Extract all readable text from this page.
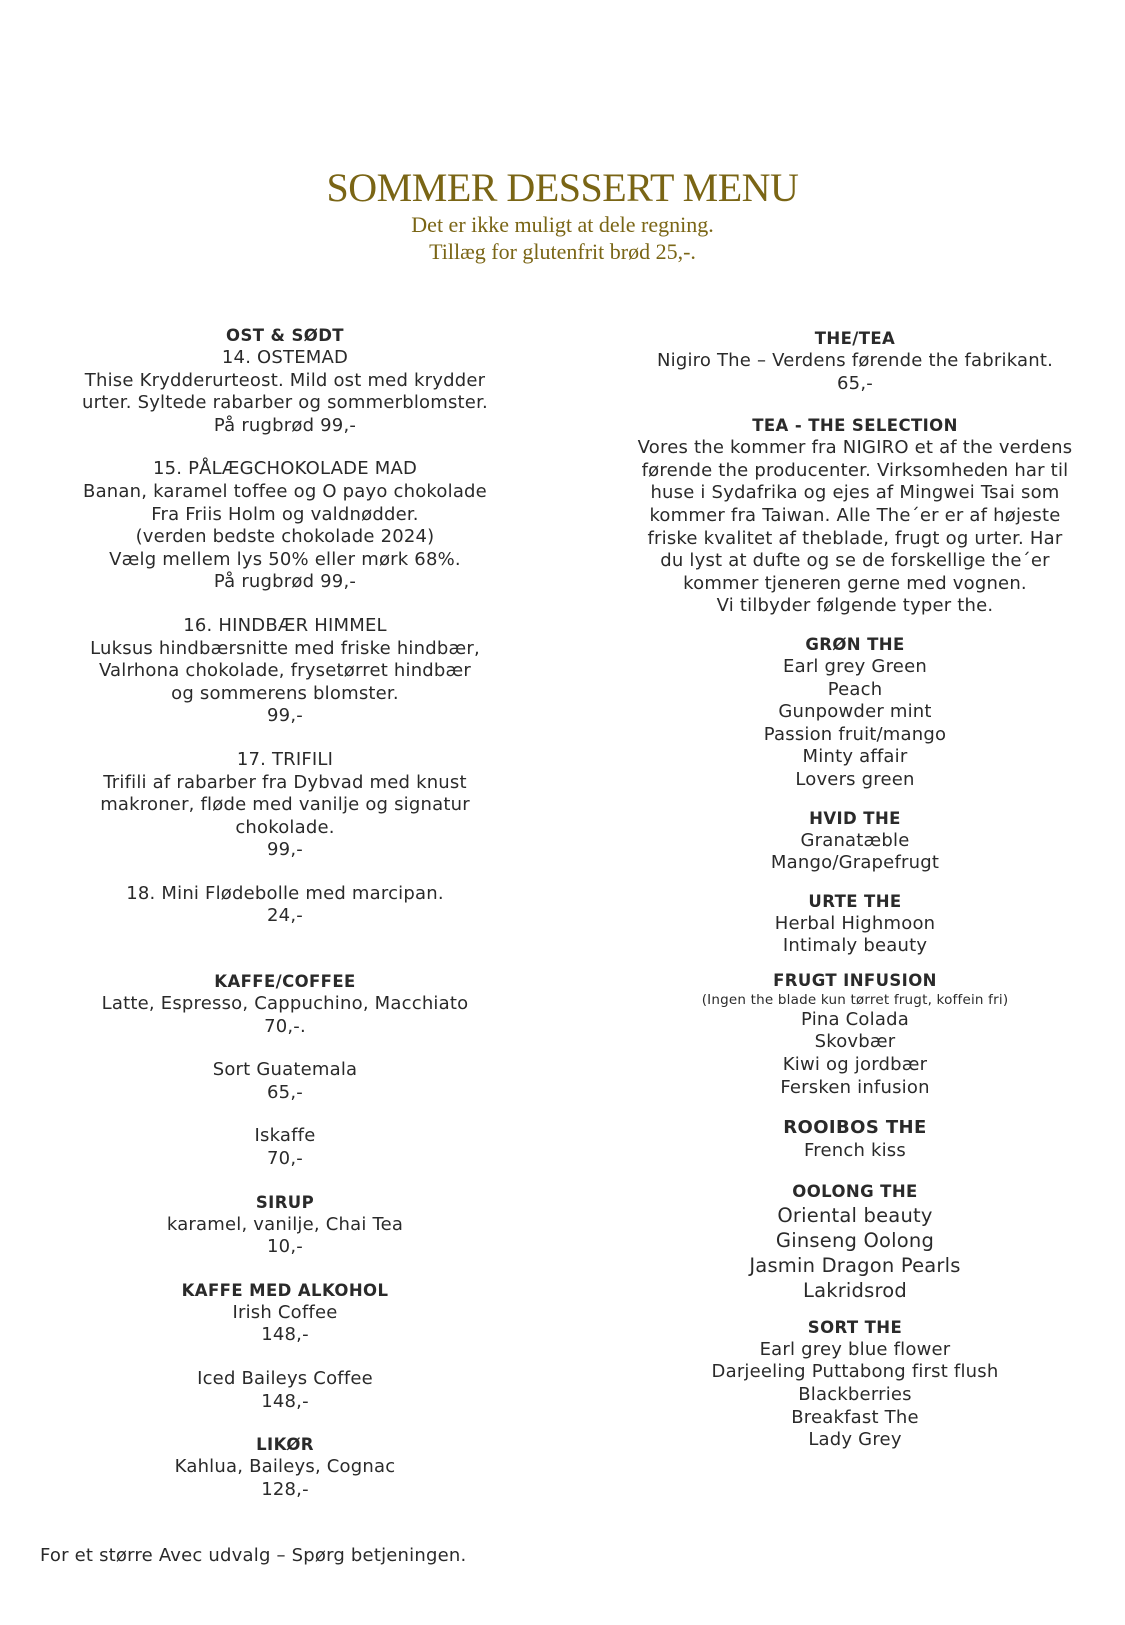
SOMMER DESSERT MENU
Det er ikke muligt at dele regning.
Tillæg for glutenfrit brød 25,-.
OST & SØDT
14. OSTEMAD
Thise Krydderurteost. Mild ost med krydder
urter. Syltede rabarber og sommerblomster.
På rugbrød 99,-
15. PÅLÆGCHOKOLADE MAD
Banan, karamel toffee og O payo chokolade
Fra Friis Holm og valdnødder.
(verden bedste chokolade 2024)
Vælg mellem lys 50% eller mørk 68%.
På rugbrød 99,-
16. HINDBÆR HIMMEL
Luksus hindbærsnitte med friske hindbær,
Valrhona chokolade, frysetørret hindbær
og sommerens blomster.
99,-
17. TRIFILI
Trifili af rabarber fra Dybvad med knust
makroner, fløde med vanilje og signatur
chokolade.
99,-
18. Mini Flødebolle med marcipan.
24,-
KAFFE/COFFEE
Latte, Espresso, Cappuchino, Macchiato
70,-.
Sort Guatemala
65,-
Iskaffe
70,-
SIRUP
karamel, vanilje, Chai Tea
10,-
KAFFE MED ALKOHOL
Irish Coffee
148,-
Iced Baileys Coffee
148,-
LIKØR
Kahlua, Baileys, Cognac
128,-
THE/TEA
Nigiro The – Verdens førende the fabrikant.
65,-
TEA - THE SELECTION
Vores the kommer fra NIGIRO et af the verdens
førende the producenter. Virksomheden har til
huse i Sydafrika og ejes af Mingwei Tsai som
kommer fra Taiwan. Alle The´er er af højeste
friske kvalitet af theblade, frugt og urter. Har
du lyst at dufte og se de forskellige the´er
kommer tjeneren gerne med vognen.
Vi tilbyder følgende typer the.
GRØN THE
Earl grey Green
Peach
Gunpowder mint
Passion fruit/mango
Minty affair
Lovers green
HVID THE
Granatæble
Mango/Grapefrugt
URTE THE
Herbal Highmoon
Intimaly beauty
FRUGT INFUSION
(Ingen the blade kun tørret frugt, koffein fri)
Pina Colada
Skovbær
Kiwi og jordbær
Fersken infusion
ROOIBOS THE
French kiss
OOLONG THE
Oriental beauty
Ginseng Oolong
Jasmin Dragon Pearls
Lakridsrod
SORT THE
Earl grey blue flower
Darjeeling Puttabong first flush
Blackberries
Breakfast The
Lady Grey
For et større Avec udvalg – Spørg betjeningen.
